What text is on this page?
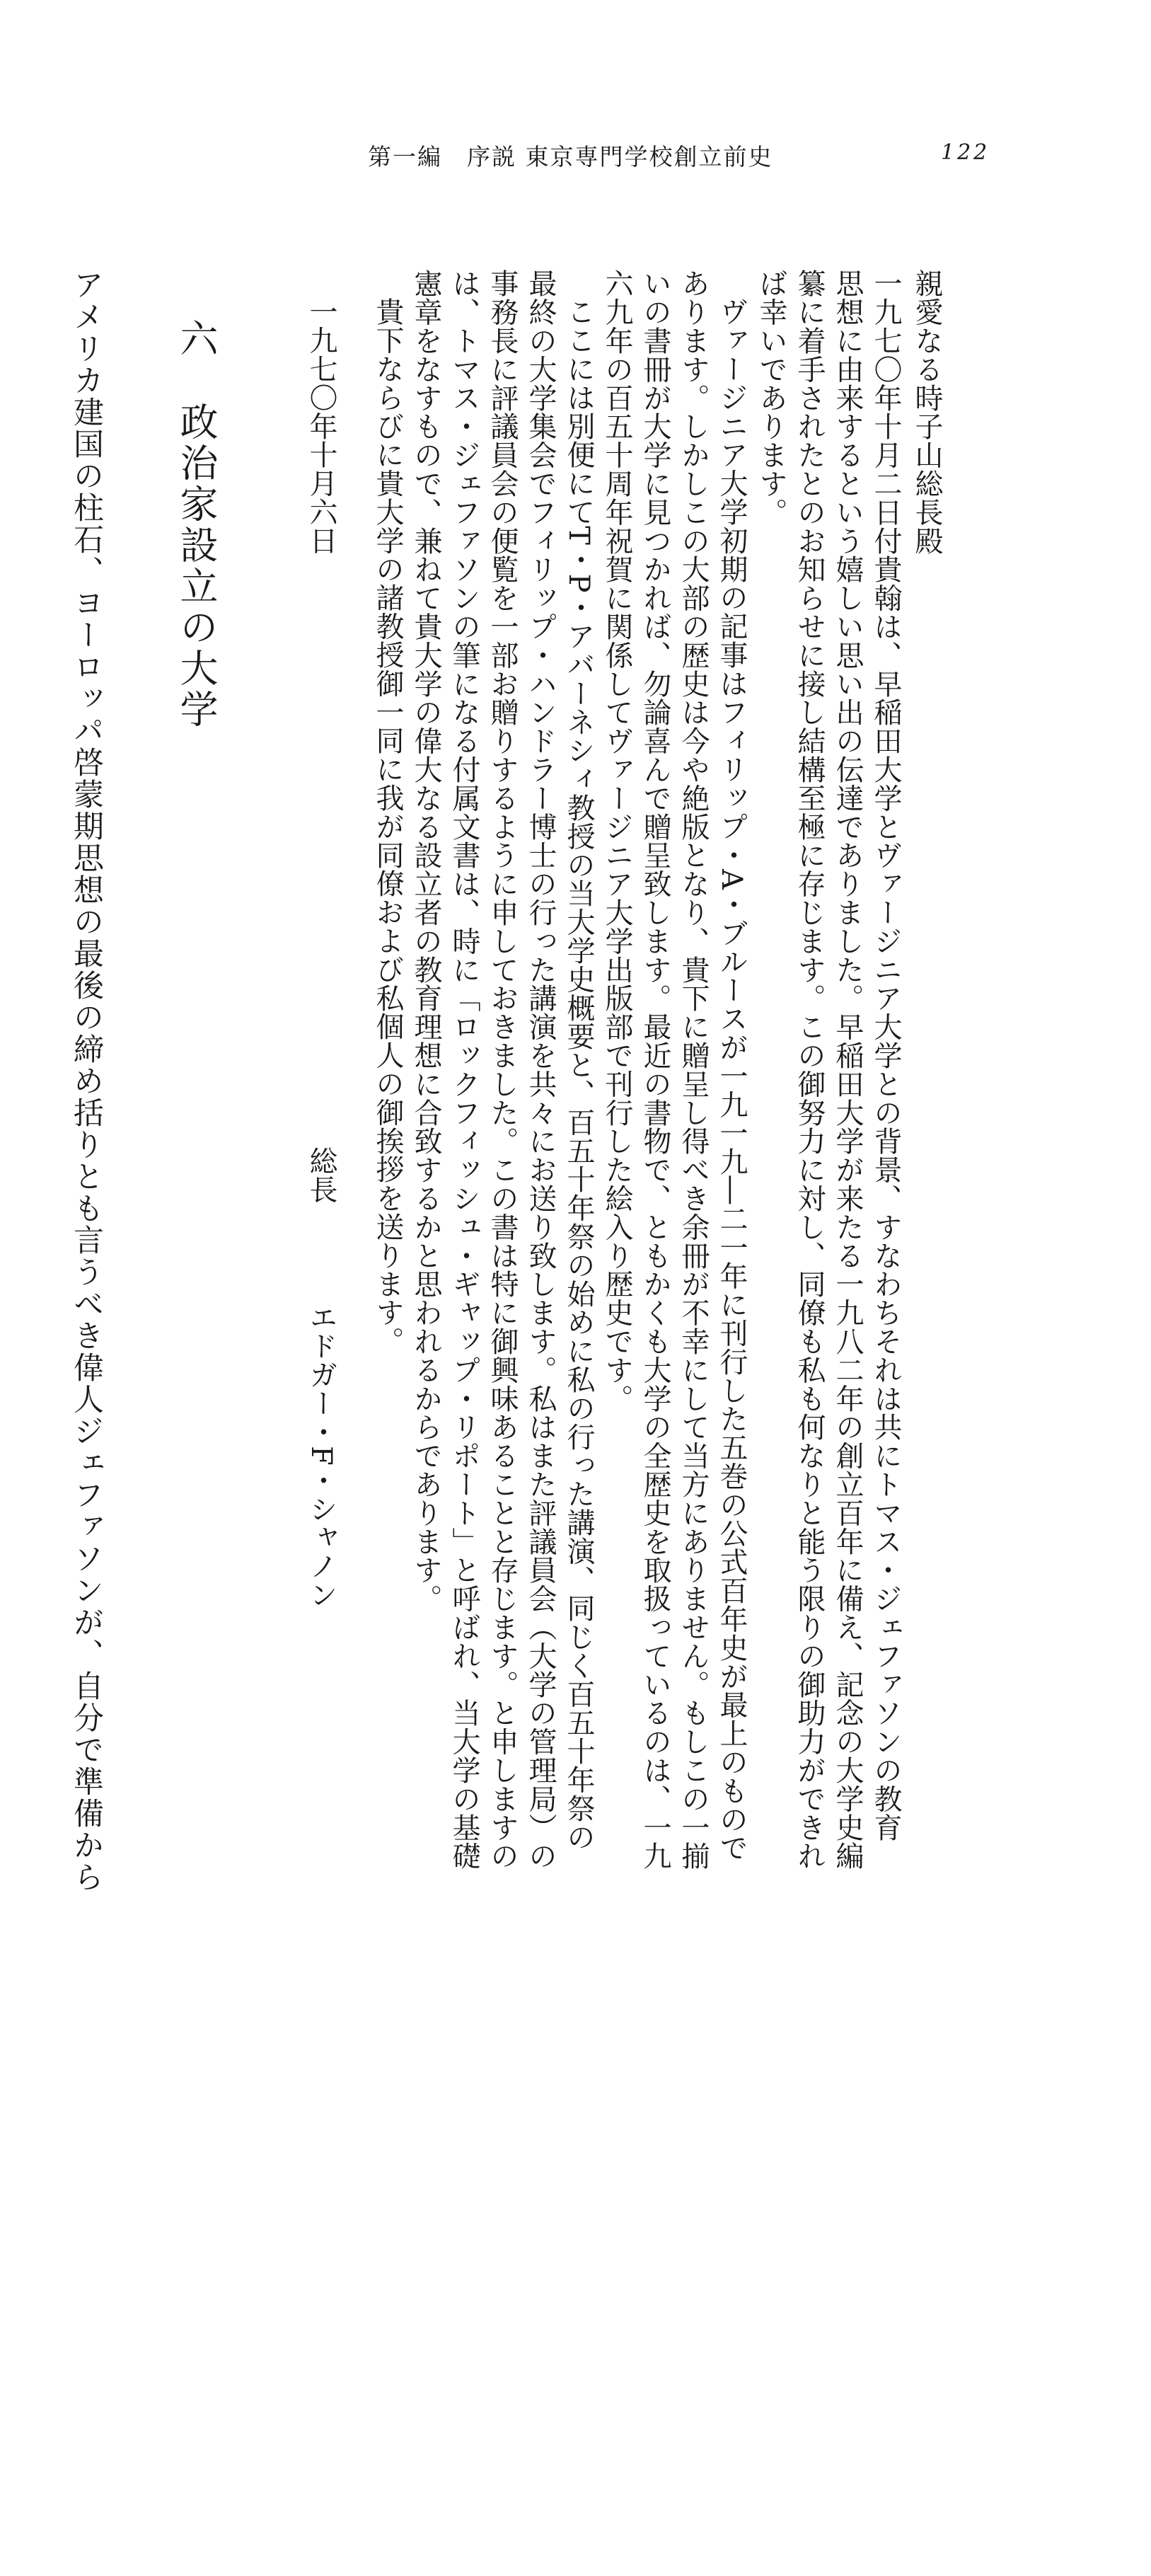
第一編　序説 東京専門学校創立前史	122
親愛なる時子山総長殿
一九七〇年十月二日付貴翰は、早稲田大学とヴァージニア大学との背景、すなわちそれは共にトマス・ジェファソンの教育
思想に由来するという嬉しい思い出の伝達でありました。早稲田大学が来たる一九八二年の創立百年に備え、記念の大学史編
纂に着手されたとのお知らせに接し結構至極に存じます。この御努力に対し、同僚も私も何なりと能う限りの御助力ができれ
ば幸いであります。
ヴァージニア大学初期の記事はフィリップ・A・ブルースが一九一九―二一年に刊行した五巻の公式百年史が最上のもので
あります。しかしこの大部の歴史は今や絶版となり、貴下に贈呈し得べき余冊が不幸にして当方にありません。もしこの一揃
いの書冊が大学に見つかれば、勿論喜んで贈呈致します。最近の書物で、ともかくも大学の全歴史を取扱っているのは、一九
六九年の百五十周年祝賀に関係してヴァージニア大学出版部で刊行した絵入り歴史です。
ここには別便にてT・P・アバーネシィ教授の当大学史概要と、百五十年祭の始めに私の行った講演、同じく百五十年祭の
最終の大学集会でフィリップ・ハンドラー博士の行った講演を共々にお送り致します。私はまた評議員会（大学の管理局）の
事務長に評議員会の便覧を一部お贈りするように申しておきました。この書は特に御興味あることと存じます。と申しますの
は、トマス・ジェファソンの筆になる付属文書は、時に「ロックフィッシュ・ギャップ・リポート」と呼ばれ、当大学の基礎
憲章をなすもので、兼ねて貴大学の偉大なる設立者の教育理想に合致するかと思われるからであります。
貴下ならびに貴大学の諸教授御一同に我が同僚および私個人の御挨拶を送ります。
一九七〇年十月六日
総長エドガー・F・シャノン
六政治家設立の大学
アメリカ建国の柱石、ヨーロッパ啓蒙期思想の最後の締め括りとも言うべき偉人ジェファソンが、自分で準備から
